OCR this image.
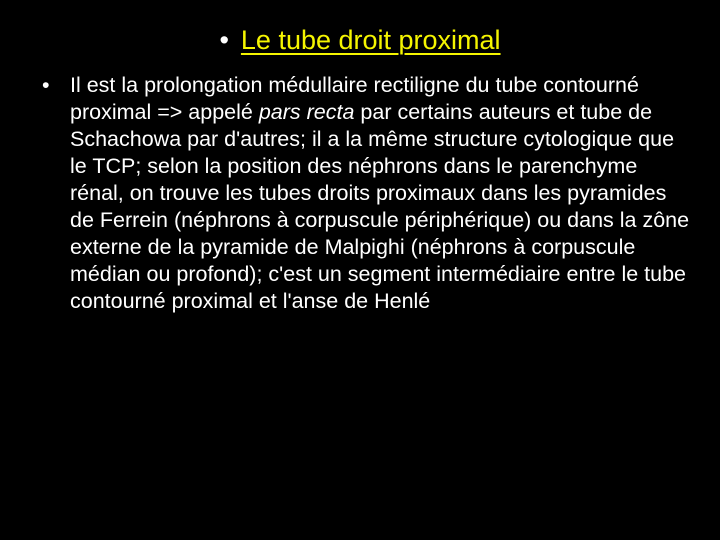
• Le tube droit proximal
• Il est la prolongation médullaire rectiligne du tube contourné proximal => appelé pars recta par certains auteurs et tube de Schachowa par d'autres; il a la même structure cytologique que le TCP; selon la position des néphrons dans le parenchyme rénal, on trouve les tubes droits proximaux dans les pyramides de Ferrein (néphrons à corpuscule périphérique) ou dans la zône externe de la pyramide de Malpighi (néphrons à corpuscule médian ou profond); c'est un segment intermédiaire entre le tube contourné proximal et l'anse de Henlé
